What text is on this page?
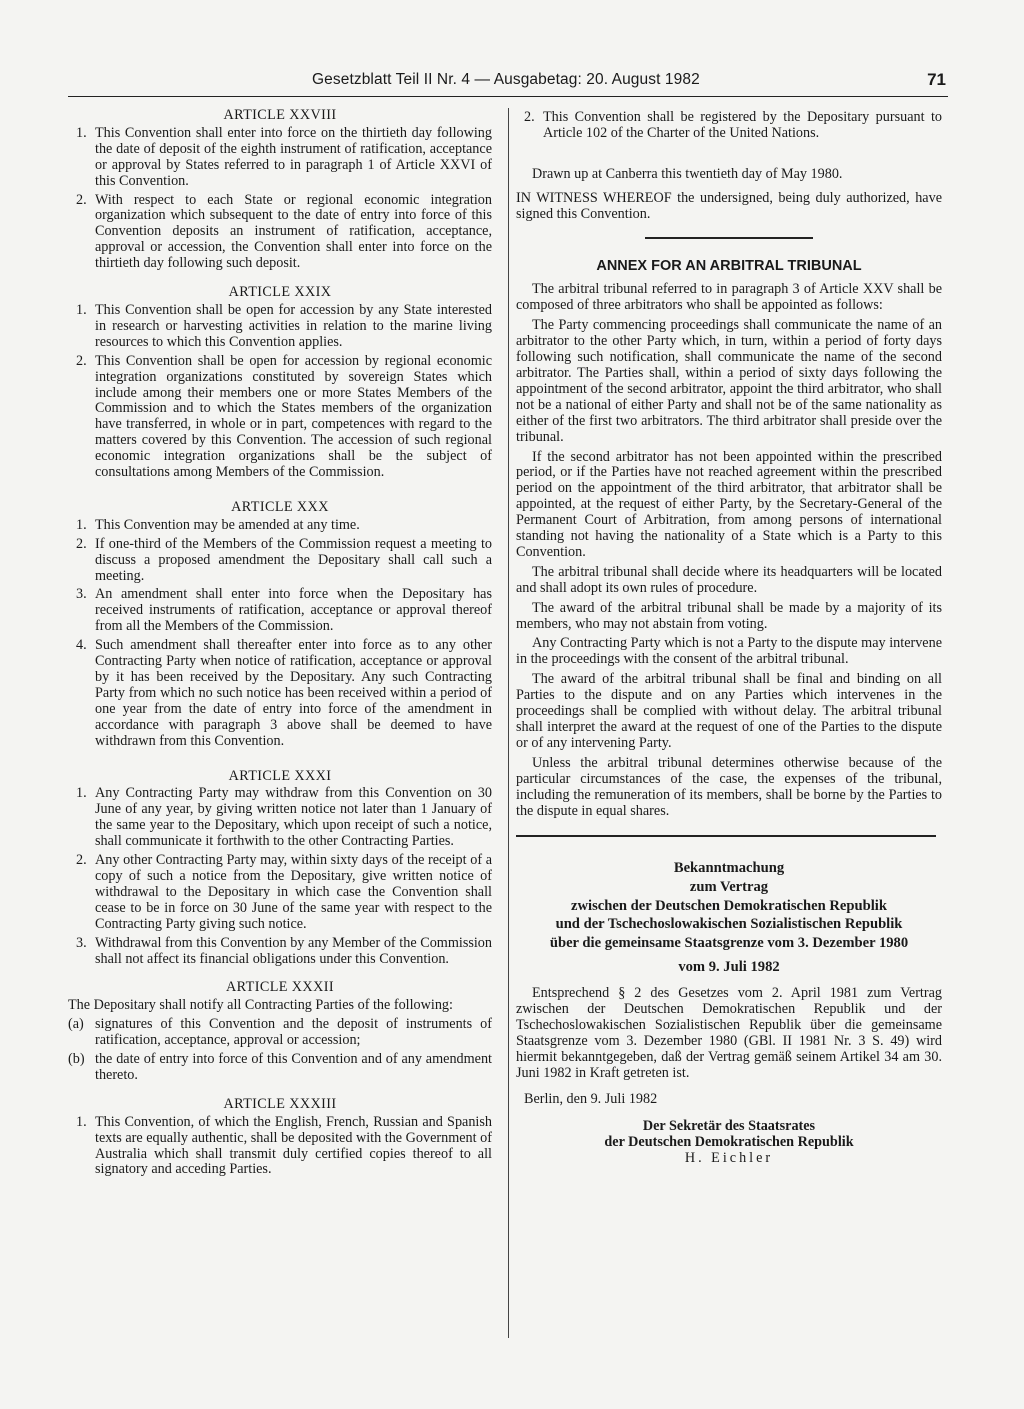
Gesetzblatt Teil II Nr. 4 — Ausgabetag: 20. August 1982	71
ARTICLE XXVIII
1. This Convention shall enter into force on the thirtieth day following the date of deposit of the eighth instrument of ratification, acceptance or approval by States referred to in paragraph 1 of Article XXVI of this Convention.
2. With respect to each State or regional economic integration organization which subsequent to the date of entry into force of this Convention deposits an instrument of ratification, acceptance, approval or accession, the Convention shall enter into force on the thirtieth day following such deposit.
ARTICLE XXIX
1. This Convention shall be open for accession by any State interested in research or harvesting activities in relation to the marine living resources to which this Convention applies.
2. This Convention shall be open for accession by regional economic integration organizations constituted by sovereign States which include among their members one or more States Members of the Commission and to which the States members of the organization have transferred, in whole or in part, competences with regard to the matters covered by this Convention. The accession of such regional economic integration organizations shall be the subject of consultations among Members of the Commission.
ARTICLE XXX
1. This Convention may be amended at any time.
2. If one-third of the Members of the Commission request a meeting to discuss a proposed amendment the Depositary shall call such a meeting.
3. An amendment shall enter into force when the Depositary has received instruments of ratification, acceptance or approval thereof from all the Members of the Commission.
4. Such amendment shall thereafter enter into force as to any other Contracting Party when notice of ratification, acceptance or approval by it has been received by the Depositary. Any such Contracting Party from which no such notice has been received within a period of one year from the date of entry into force of the amendment in accordance with paragraph 3 above shall be deemed to have withdrawn from this Convention.
ARTICLE XXXI
1. Any Contracting Party may withdraw from this Convention on 30 June of any year, by giving written notice not later than 1 January of the same year to the Depositary, which upon receipt of such a notice, shall communicate it forthwith to the other Contracting Parties.
2. Any other Contracting Party may, within sixty days of the receipt of a copy of such a notice from the Depositary, give written notice of withdrawal to the Depositary in which case the Convention shall cease to be in force on 30 June of the same year with respect to the Contracting Party giving such notice.
3. Withdrawal from this Convention by any Member of the Commission shall not affect its financial obligations under this Convention.
ARTICLE XXXII
The Depositary shall notify all Contracting Parties of the following:
(a) signatures of this Convention and the deposit of instruments of ratification, acceptance, approval or accession;
(b) the date of entry into force of this Convention and of any amendment thereto.
ARTICLE XXXIII
1. This Convention, of which the English, French, Russian and Spanish texts are equally authentic, shall be deposited with the Government of Australia which shall transmit duly certified copies thereof to all signatory and acceding Parties.
2. This Convention shall be registered by the Depositary pursuant to Article 102 of the Charter of the United Nations.
Drawn up at Canberra this twentieth day of May 1980.
IN WITNESS WHEREOF the undersigned, being duly authorized, have signed this Convention.
ANNEX FOR AN ARBITRAL TRIBUNAL
The arbitral tribunal referred to in paragraph 3 of Article XXV shall be composed of three arbitrators who shall be appointed as follows:
The Party commencing proceedings shall communicate the name of an arbitrator to the other Party which, in turn, within a period of forty days following such notification, shall communicate the name of the second arbitrator. The Parties shall, within a period of sixty days following the appointment of the second arbitrator, appoint the third arbitrator, who shall not be a national of either Party and shall not be of the same nationality as either of the first two arbitrators. The third arbitrator shall preside over the tribunal.
If the second arbitrator has not been appointed within the prescribed period, or if the Parties have not reached agreement within the prescribed period on the appointment of the third arbitrator, that arbitrator shall be appointed, at the request of either Party, by the Secretary-General of the Permanent Court of Arbitration, from among persons of international standing not having the nationality of a State which is a Party to this Convention.
The arbitral tribunal shall decide where its headquarters will be located and shall adopt its own rules of procedure.
The award of the arbitral tribunal shall be made by a majority of its members, who may not abstain from voting.
Any Contracting Party which is not a Party to the dispute may intervene in the proceedings with the consent of the arbitral tribunal.
The award of the arbitral tribunal shall be final and binding on all Parties to the dispute and on any Parties which intervenes in the proceedings shall be complied with without delay. The arbitral tribunal shall interpret the award at the request of one of the Parties to the dispute or of any intervening Party.
Unless the arbitral tribunal determines otherwise because of the particular circumstances of the case, the expenses of the tribunal, including the remuneration of its members, shall be borne by the Parties to the dispute in equal shares.
Bekanntmachung
zum Vertrag
zwischen der Deutschen Demokratischen Republik
und der Tschechoslowakischen Sozialistischen Republik
über die gemeinsame Staatsgrenze vom 3. Dezember 1980
vom 9. Juli 1982
Entsprechend § 2 des Gesetzes vom 2. April 1981 zum Vertrag zwischen der Deutschen Demokratischen Republik und der Tschechoslowakischen Sozialistischen Republik über die gemeinsame Staatsgrenze vom 3. Dezember 1980 (GBl. II 1981 Nr. 3 S. 49) wird hiermit bekanntgegeben, daß der Vertrag gemäß seinem Artikel 34 am 30. Juni 1982 in Kraft getreten ist.
Berlin, den 9. Juli 1982
Der Sekretär des Staatsrates
der Deutschen Demokratischen Republik
H. Eichler
